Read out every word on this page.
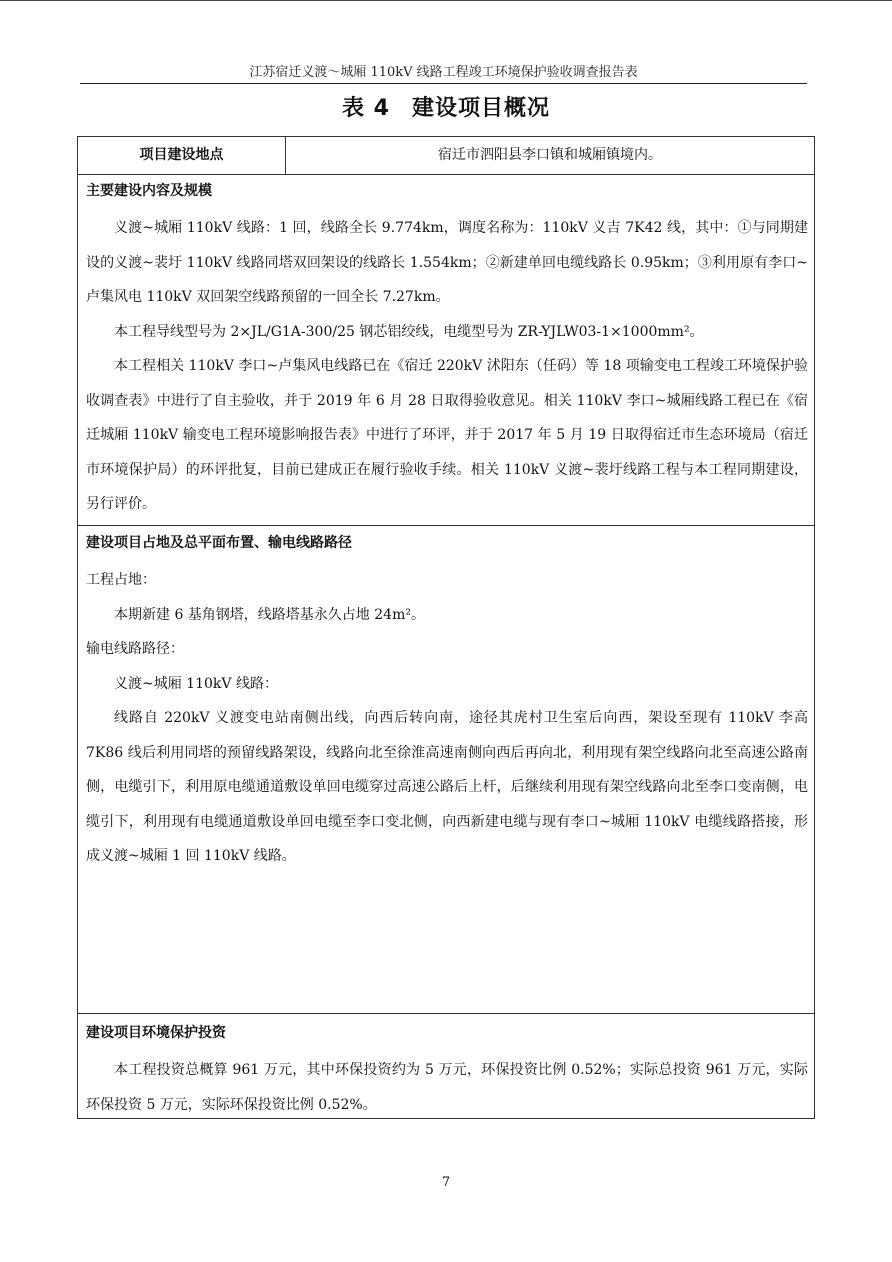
江苏宿迁义渡～城厢 110kV 线路工程竣工环境保护验收调查报告表
表 4 建设项目概况
项目建设地点	宿迁市泗阳县李口镇和城厢镇境内。

主要建设内容及规模

义渡~城厢 110kV 线路：1 回，线路全长 9.774km，调度名称为：110kV 义吉 7K42 线，其中：①与同期建设的义渡~裴圩 110kV 线路同塔双回架设的线路长 1.554km；②新建单回电缆线路长 0.95km；③利用原有李口~卢集风电 110kV 双回架空线路预留的一回全长 7.27km。

本工程导线型号为 2×JL/G1A-300/25 钢芯铝绞线，电缆型号为 ZR-YJLW03-1×1000mm²。

本工程相关 110kV 李口~卢集风电线路已在《宿迁 220kV 沭阳东（任码）等 18 项输变电工程竣工环境保护验收调查表》中进行了自主验收，并于 2019 年 6 月 28 日取得验收意见。相关 110kV 李口~城厢线路工程已在《宿迁城厢 110kV 输变电工程环境影响报告表》中进行了环评，并于 2017 年 5 月 19 日取得宿迁市生态环境局（宿迁市环境保护局）的环评批复，目前已建成正在履行验收手续。相关 110kV 义渡~裴圩线路工程与本工程同期建设，另行评价。

建设项目占地及总平面布置、输电线路路径

工程占地：

本期新建 6 基角钢塔，线路塔基永久占地 24m²。

输电线路路径：

义渡~城厢 110kV 线路：

线路自 220kV 义渡变电站南侧出线，向西后转向南，途径其虎村卫生室后向西，架设至现有 110kV 李高 7K86 线后利用同塔的预留线路架设，线路向北至徐淮高速南侧向西后再向北，利用现有架空线路向北至高速公路南侧，电缆引下，利用原电缆通道敷设单回电缆穿过高速公路后上杆，后继续利用现有架空线路向北至李口变南侧，电缆引下，利用现有电缆通道敷设单回电缆至李口变北侧，向西新建电缆与现有李口~城厢 110kV 电缆线路搭接，形成义渡~城厢 1 回 110kV 线路。

建设项目环境保护投资

本工程投资总概算 961 万元，其中环保投资约为 5 万元，环保投资比例 0.52%；实际总投资 961 万元，实际环保投资 5 万元，实际环保投资比例 0.52%。

7
